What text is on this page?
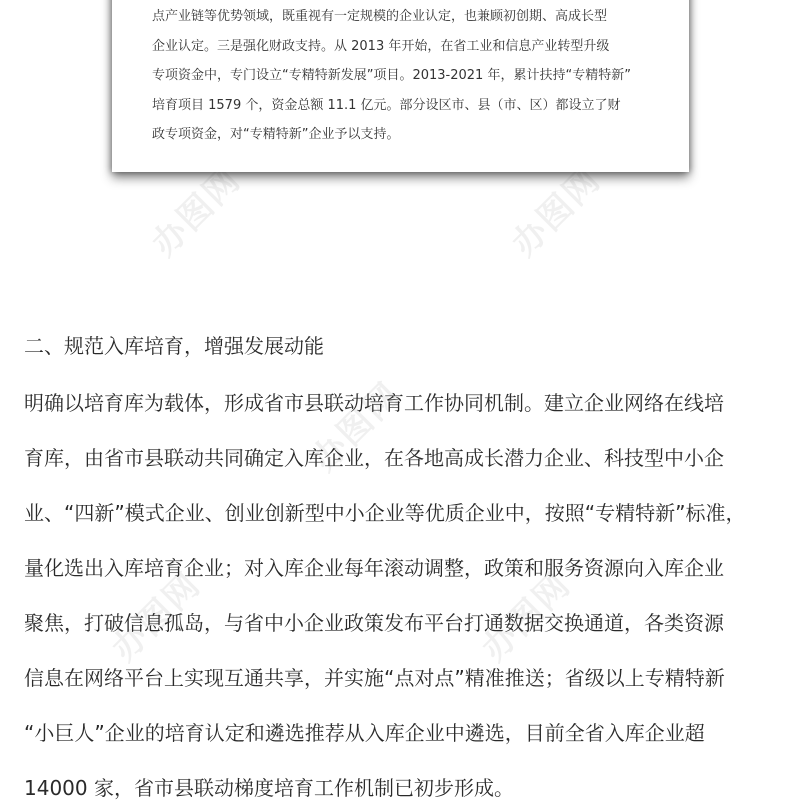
办图网	办图网
办图网
办图网	办图网
点产业链等优势领域，既重视有一定规模的企业认定，也兼顾初创期、高成长型
企业认定。三是强化财政支持。从 2013 年开始，在省工业和信息产业转型升级
专项资金中，专门设立“专精特新发展”项目。2013-2021 年，累计扶持“专精特新”
培育项目 1579 个，资金总额 11.1 亿元。部分设区市、县（市、区）都设立了财
政专项资金，对“专精特新”企业予以支持。
二、规范入库培育，增强发展动能
明确以培育库为载体，形成省市县联动培育工作协同机制。建立企业网络在线培
育库，由省市县联动共同确定入库企业，在各地高成长潜力企业、科技型中小企
业、“四新”模式企业、创业创新型中小企业等优质企业中，按照“专精特新”标准，
量化选出入库培育企业；对入库企业每年滚动调整，政策和服务资源向入库企业
聚焦，打破信息孤岛，与省中小企业政策发布平台打通数据交换通道，各类资源
信息在网络平台上实现互通共享，并实施“点对点”精准推送；省级以上专精特新
“小巨人”企业的培育认定和遴选推荐从入库企业中遴选，目前全省入库企业超
14000 家，省市县联动梯度培育工作机制已初步形成。
